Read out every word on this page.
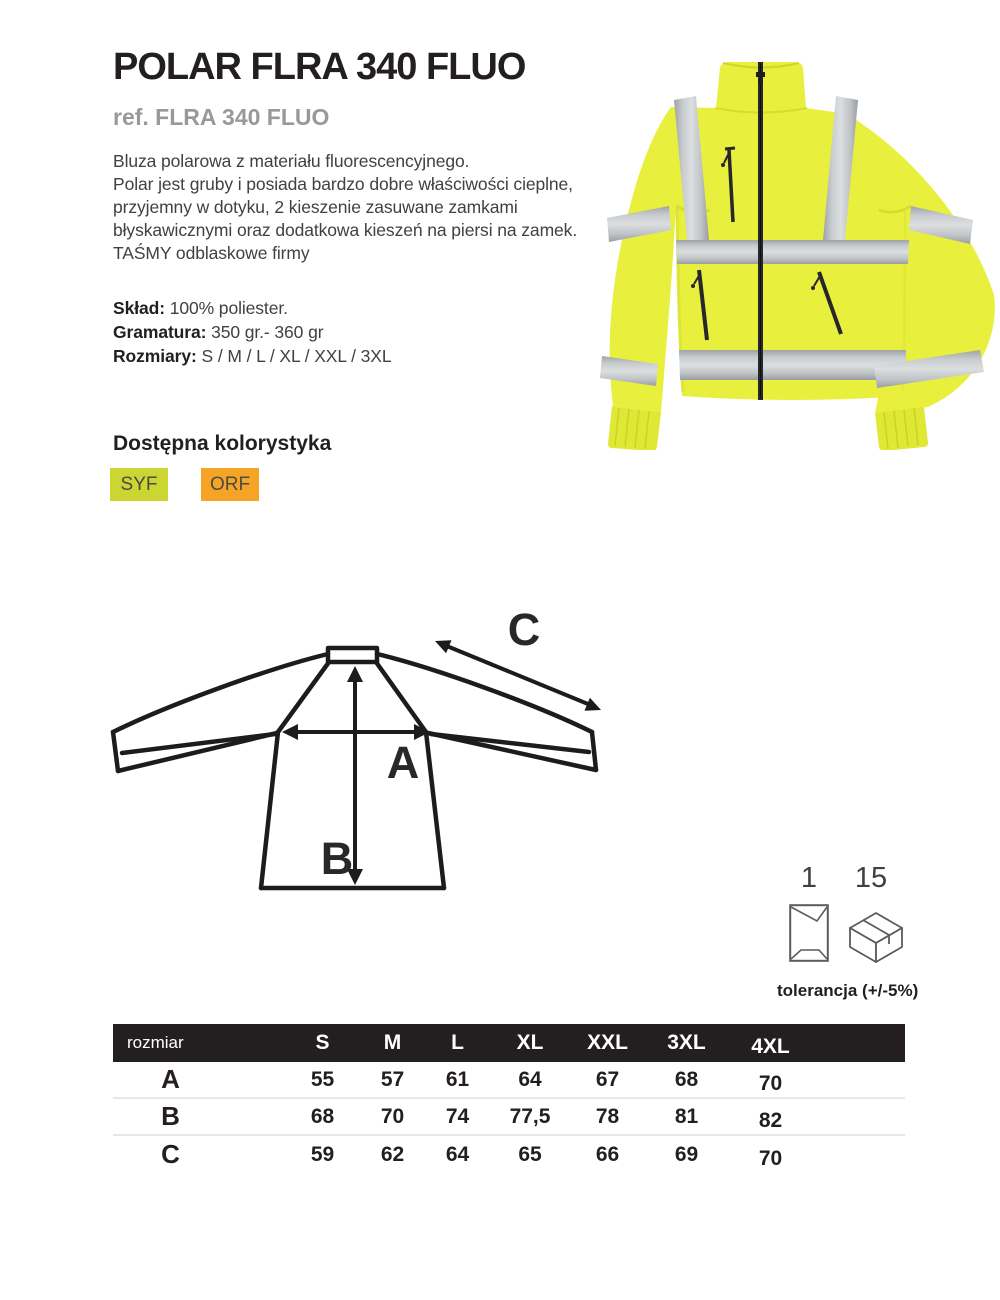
POLAR FLRA 340 FLUO
ref. FLRA 340 FLUO
Bluza polarowa z materiału fluorescencyjnego.
Polar jest gruby i posiada bardzo dobre właściwości cieplne,
przyjemny w dotyku, 2 kieszenie zasuwane zamkami
błyskawicznymi oraz dodatkowa kieszeń na piersi na zamek.
TAŚMY odblaskowe firmy
Skład: 100% poliester.
Gramatura: 350 gr.- 360 gr
Rozmiary: S / M / L / XL / XXL / 3XL
Dostępna kolorystyka
SYF	ORF
A
B
C
1 15
tolerancja (+/-5%)
rozmiar	S	M	L	XL	XXL	3XL	4XL
A	55	57	61	64	67	68	70
B	68	70	74	77,5	78	81	82
C	59	62	64	65	66	69	70
